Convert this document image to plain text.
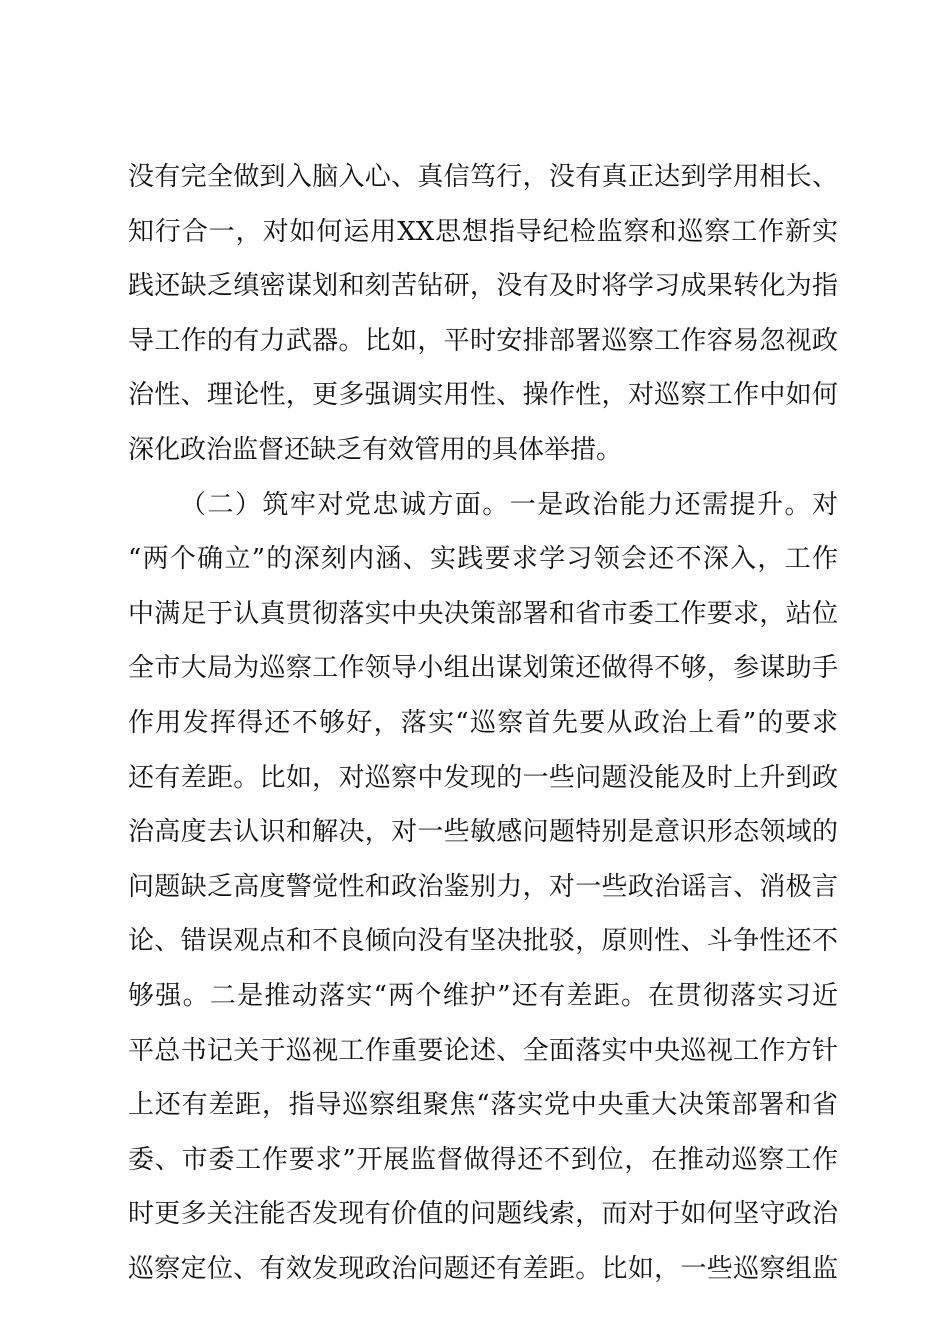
没有完全做到入脑入心、真信笃行，没有真正达到学用相长、
知行合一，对如何运用XX思想指导纪检监察和巡察工作新实
践还缺乏缜密谋划和刻苦钻研，没有及时将学习成果转化为指
导工作的有力武器。比如，平时安排部署巡察工作容易忽视政
治性、理论性，更多强调实用性、操作性，对巡察工作中如何
深化政治监督还缺乏有效管用的具体举措。
（二）筑牢对党忠诚方面。一是政治能力还需提升。对
“两个确立”的深刻内涵、实践要求学习领会还不深入，工作
中满足于认真贯彻落实中央决策部署和省市委工作要求，站位
全市大局为巡察工作领导小组出谋划策还做得不够，参谋助手
作用发挥得还不够好，落实“巡察首先要从政治上看”的要求
还有差距。比如，对巡察中发现的一些问题没能及时上升到政
治高度去认识和解决，对一些敏感问题特别是意识形态领域的
问题缺乏高度警觉性和政治鉴别力，对一些政治谣言、消极言
论、错误观点和不良倾向没有坚决批驳，原则性、斗争性还不
够强。二是推动落实“两个维护”还有差距。在贯彻落实习近
平总书记关于巡视工作重要论述、全面落实中央巡视工作方针
上还有差距，指导巡察组聚焦“落实党中央重大决策部署和省
委、市委工作要求”开展监督做得还不到位，在推动巡察工作
时更多关注能否发现有价值的问题线索，而对于如何坚守政治
巡察定位、有效发现政治问题还有差距。比如，一些巡察组监
